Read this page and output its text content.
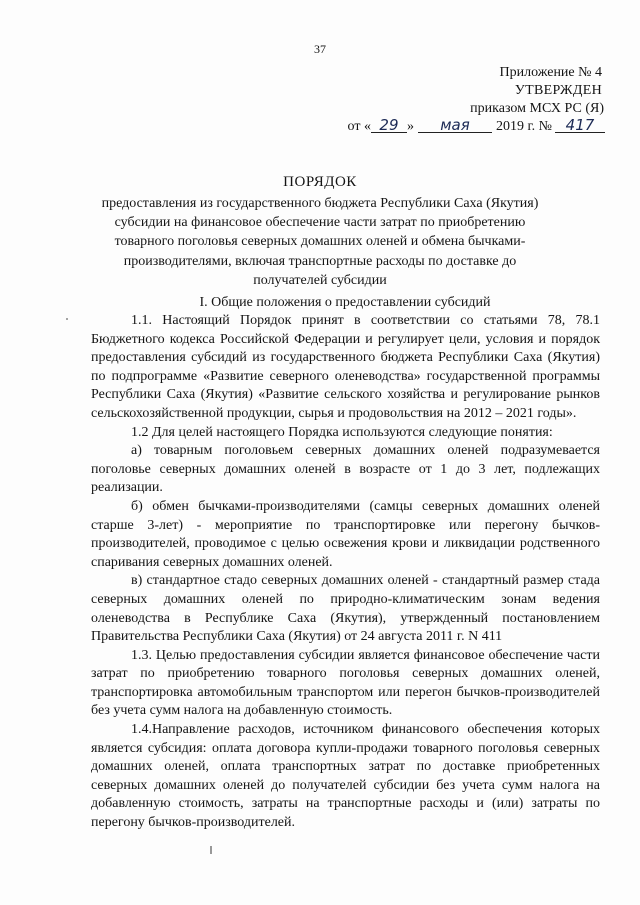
37
Приложение № 4
УТВЕРЖДЕН
приказом МСХ РС (Я)
от « 29 » мая 2019 г. № 417
ПОРЯДОК
предоставления из государственного бюджета Республики Саха (Якутия) субсидии на финансовое обеспечение части затрат по приобретению товарного поголовья северных домашних оленей и обмена бычками-производителями, включая транспортные расходы по доставке до получателей субсидии
I. Общие положения о предоставлении субсидий

1.1. Настоящий Порядок принят в соответствии со статьями 78, 78.1 Бюджетного кодекса Российской Федерации и регулирует цели, условия и порядок предоставления субсидий из государственного бюджета Республики Саха (Якутия) по подпрограмме «Развитие северного оленеводства» государственной программы Республики Саха (Якутия) «Развитие сельского хозяйства и регулирование рынков сельскохозяйственной продукции, сырья и продовольствия на 2012 – 2021 годы».

1.2 Для целей настоящего Порядка используются следующие понятия:

а) товарным поголовьем северных домашних оленей подразумевается поголовье северных домашних оленей в возрасте от 1 до 3 лет, подлежащих реализации.

б) обмен бычками-производителями (самцы северных домашних оленей старше 3-лет) - мероприятие по транспортировке или перегону бычков-производителей, проводимое с целью освежения крови и ликвидации родственного спаривания северных домашних оленей.

в) стандартное стадо северных домашних оленей - стандартный размер стада северных домашних оленей по природно-климатическим зонам ведения оленеводства в Республике Саха (Якутия), утвержденный постановлением Правительства Республики Саха (Якутия) от 24 августа 2011 г. N 411

1.3. Целью предоставления субсидии является финансовое обеспечение части затрат по приобретению товарного поголовья северных домашних оленей, транспортировка автомобильным транспортом или перегон бычков-производителей без учета сумм налога на добавленную стоимость.

1.4.Направление расходов, источником финансового обеспечения которых является субсидия: оплата договора купли-продажи товарного поголовья северных домашних оленей, оплата транспортных затрат по доставке приобретенных северных домашних оленей до получателей субсидии без учета сумм налога на добавленную стоимость, затраты на транспортные расходы и (или) затраты по перегону бычков-производителей.
